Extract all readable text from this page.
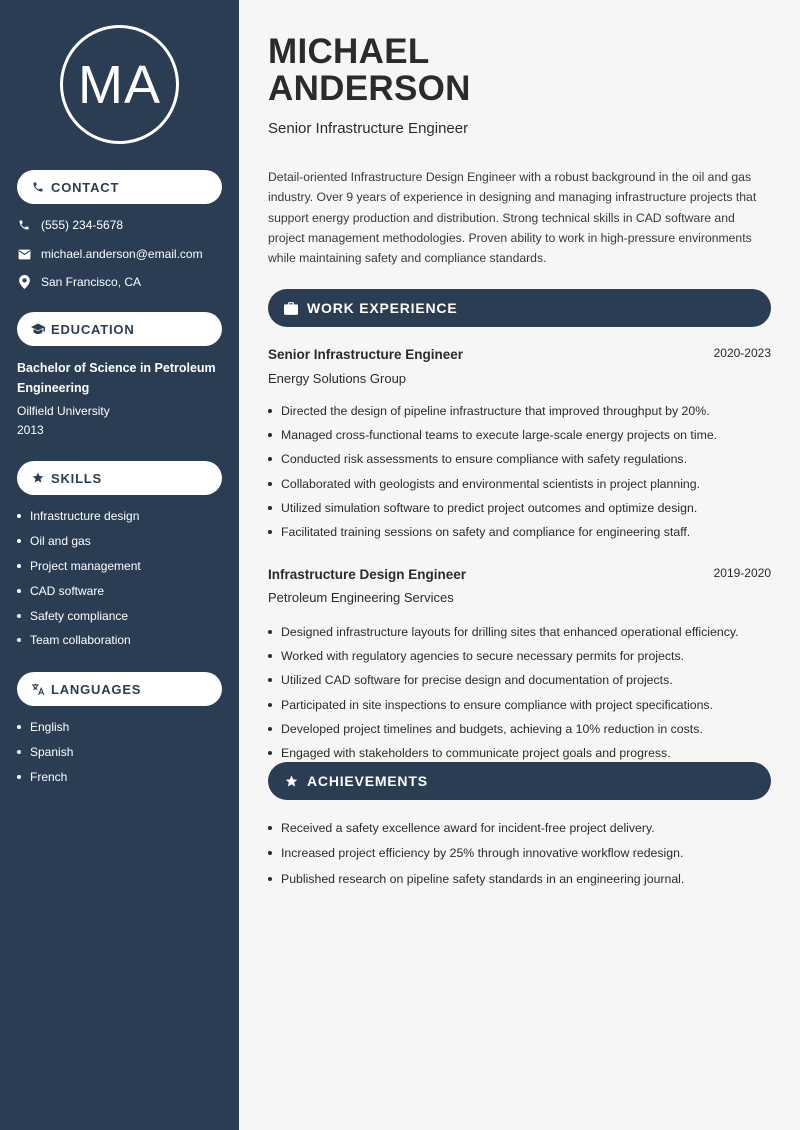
MA
CONTACT
(555) 234-5678
michael.anderson@email.com
San Francisco, CA
EDUCATION
Bachelor of Science in Petroleum Engineering
Oilfield University
2013
SKILLS
Infrastructure design
Oil and gas
Project management
CAD software
Safety compliance
Team collaboration
LANGUAGES
English
Spanish
French
MICHAEL
ANDERSON
Senior Infrastructure Engineer

Detail-oriented Infrastructure Design Engineer with a robust background in the oil and gas industry. Over 9 years of experience in designing and managing infrastructure projects that support energy production and distribution. Strong technical skills in CAD software and project management methodologies. Proven ability to work in high-pressure environments while maintaining safety and compliance standards.

WORK EXPERIENCE
Senior Infrastructure Engineer	2020-2023
Energy Solutions Group
Directed the design of pipeline infrastructure that improved throughput by 20%.
Managed cross-functional teams to execute large-scale energy projects on time.
Conducted risk assessments to ensure compliance with safety regulations.
Collaborated with geologists and environmental scientists in project planning.
Utilized simulation software to predict project outcomes and optimize design.
Facilitated training sessions on safety and compliance for engineering staff.
Infrastructure Design Engineer	2019-2020
Petroleum Engineering Services
Designed infrastructure layouts for drilling sites that enhanced operational efficiency.
Worked with regulatory agencies to secure necessary permits for projects.
Utilized CAD software for precise design and documentation of projects.
Participated in site inspections to ensure compliance with project specifications.
Developed project timelines and budgets, achieving a 10% reduction in costs.
Engaged with stakeholders to communicate project goals and progress.
ACHIEVEMENTS
Received a safety excellence award for incident-free project delivery.
Increased project efficiency by 25% through innovative workflow redesign.
Published research on pipeline safety standards in an engineering journal.
